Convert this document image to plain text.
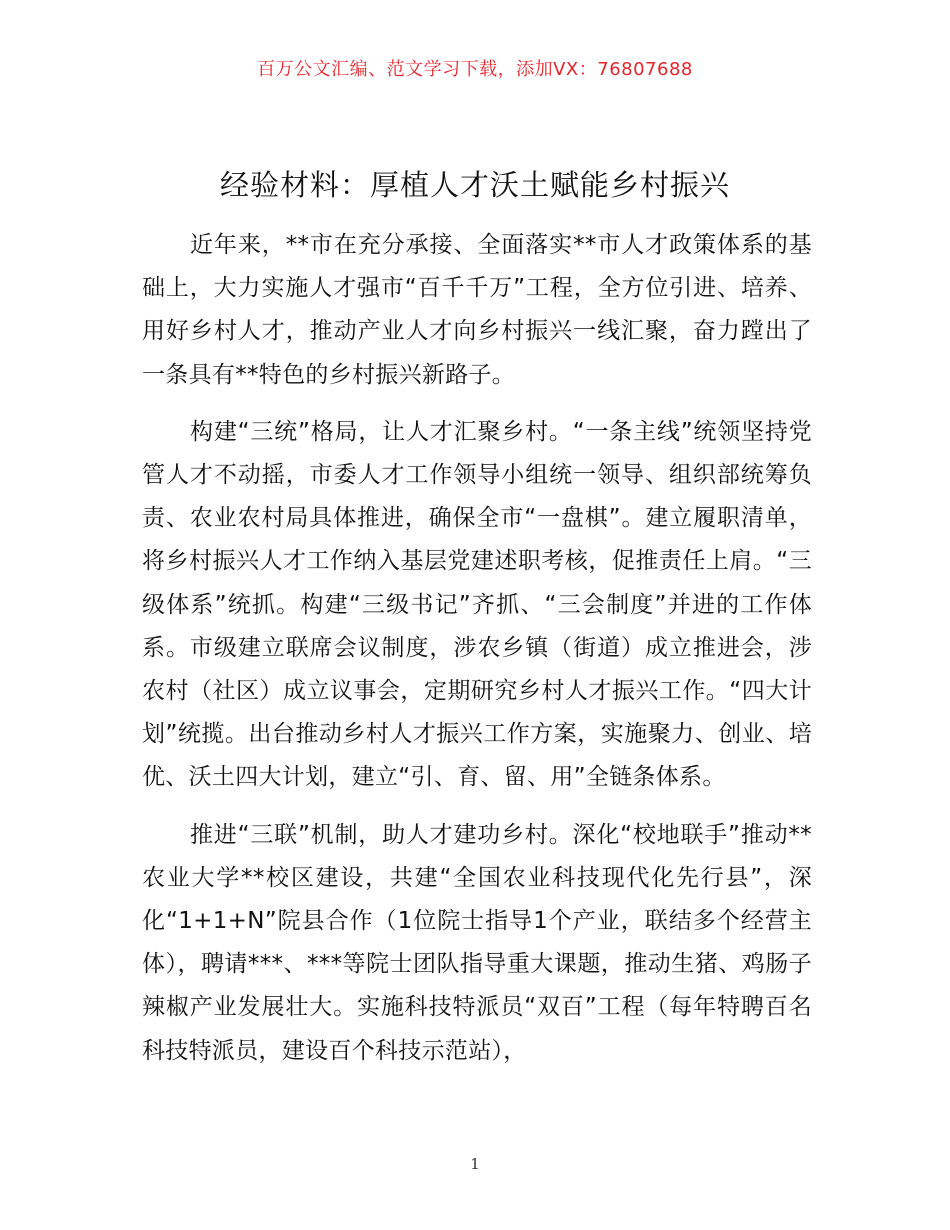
百万公文汇编、范文学习下载，添加VX：76807688
经验材料：厚植人才沃土赋能乡村振兴

近年来，**市在充分承接、全面落实**市人才政策体系的基础上，大力实施人才强市“百千千万”工程，全方位引进、培养、用好乡村人才，推动产业人才向乡村振兴一线汇聚，奋力蹚出了一条具有**特色的乡村振兴新路子。

构建“三统”格局，让人才汇聚乡村。“一条主线”统领坚持党管人才不动摇，市委人才工作领导小组统一领导、组织部统筹负责、农业农村局具体推进，确保全市“一盘棋”。建立履职清单，将乡村振兴人才工作纳入基层党建述职考核，促推责任上肩。“三级体系”统抓。构建“三级书记”齐抓、“三会制度”并进的工作体系。市级建立联席会议制度，涉农乡镇（街道）成立推进会，涉农村（社区）成立议事会，定期研究乡村人才振兴工作。“四大计划”统揽。出台推动乡村人才振兴工作方案，实施聚力、创业、培优、沃土四大计划，建立“引、育、留、用”全链条体系。

推进“三联”机制，助人才建功乡村。深化“校地联手”推动**农业大学**校区建设，共建“全国农业科技现代化先行县”，深化“1+1+N”院县合作（1位院士指导1个产业，联结多个经营主体），聘请***、***等院士团队指导重大课题，推动生猪、鸡肠子辣椒产业发展壮大。实施科技特派员“双百”工程（每年特聘百名科技特派员，建设百个科技示范站），

1
